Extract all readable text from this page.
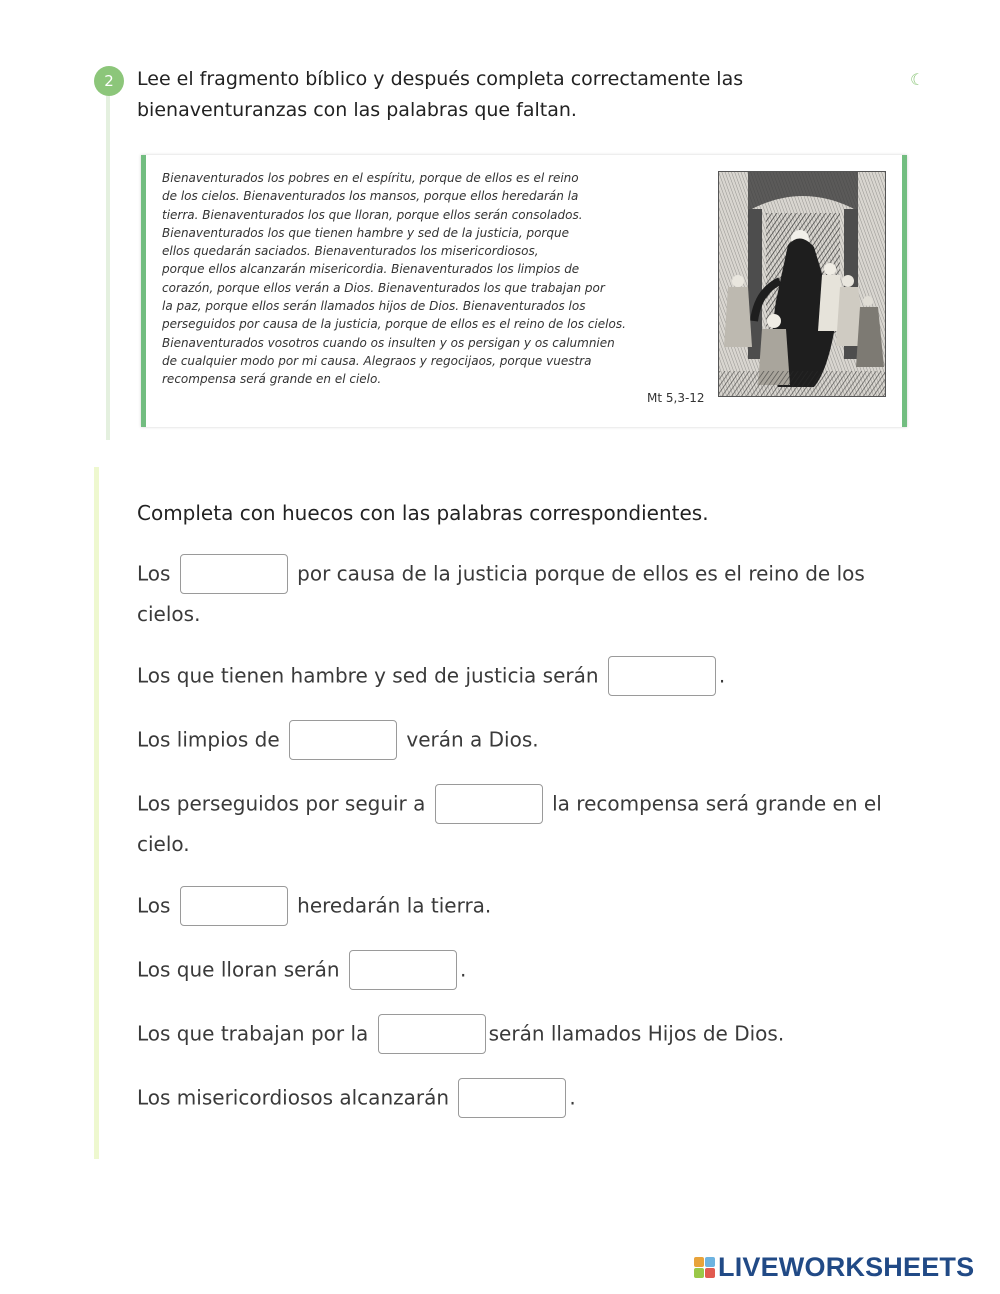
2	Lee el fragmento bíblico y después completa correctamente las bienaventuranzas con las palabras que faltan.
☾
Bienaventurados los pobres en el espíritu, porque de ellos es el reino
de los cielos. Bienaventurados los mansos, porque ellos heredarán la
tierra. Bienaventurados los que lloran, porque ellos serán consolados.
Bienaventurados los que tienen hambre y sed de la justicia, porque
ellos quedarán saciados. Bienaventurados los misericordiosos,
porque ellos alcanzarán misericordia. Bienaventurados los limpios de
corazón, porque ellos verán a Dios. Bienaventurados los que trabajan por
la paz, porque ellos serán llamados hijos de Dios. Bienaventurados los
perseguidos por causa de la justicia, porque de ellos es el reino de los cielos.
Bienaventurados vosotros cuando os insulten y os persigan y os calumnien
de cualquier modo por mi causa. Alegraos y regocijaos, porque vuestra
recompensa será grande en el cielo.
Mt 5,3-12
Completa con huecos con las palabras correspondientes.
Los	por causa de la justicia porque de ellos es el reino de los
cielos.
Los que tienen hambre y sed de justicia serán	.
Los limpios de	verán a Dios.
Los perseguidos por seguir a	la recompensa será grande en el
cielo.
Los	heredarán la tierra.
Los que lloran serán	.
Los que trabajan por la	serán llamados Hijos de Dios.
Los misericordiosos alcanzarán	.
LIVEWORKSHEETS
